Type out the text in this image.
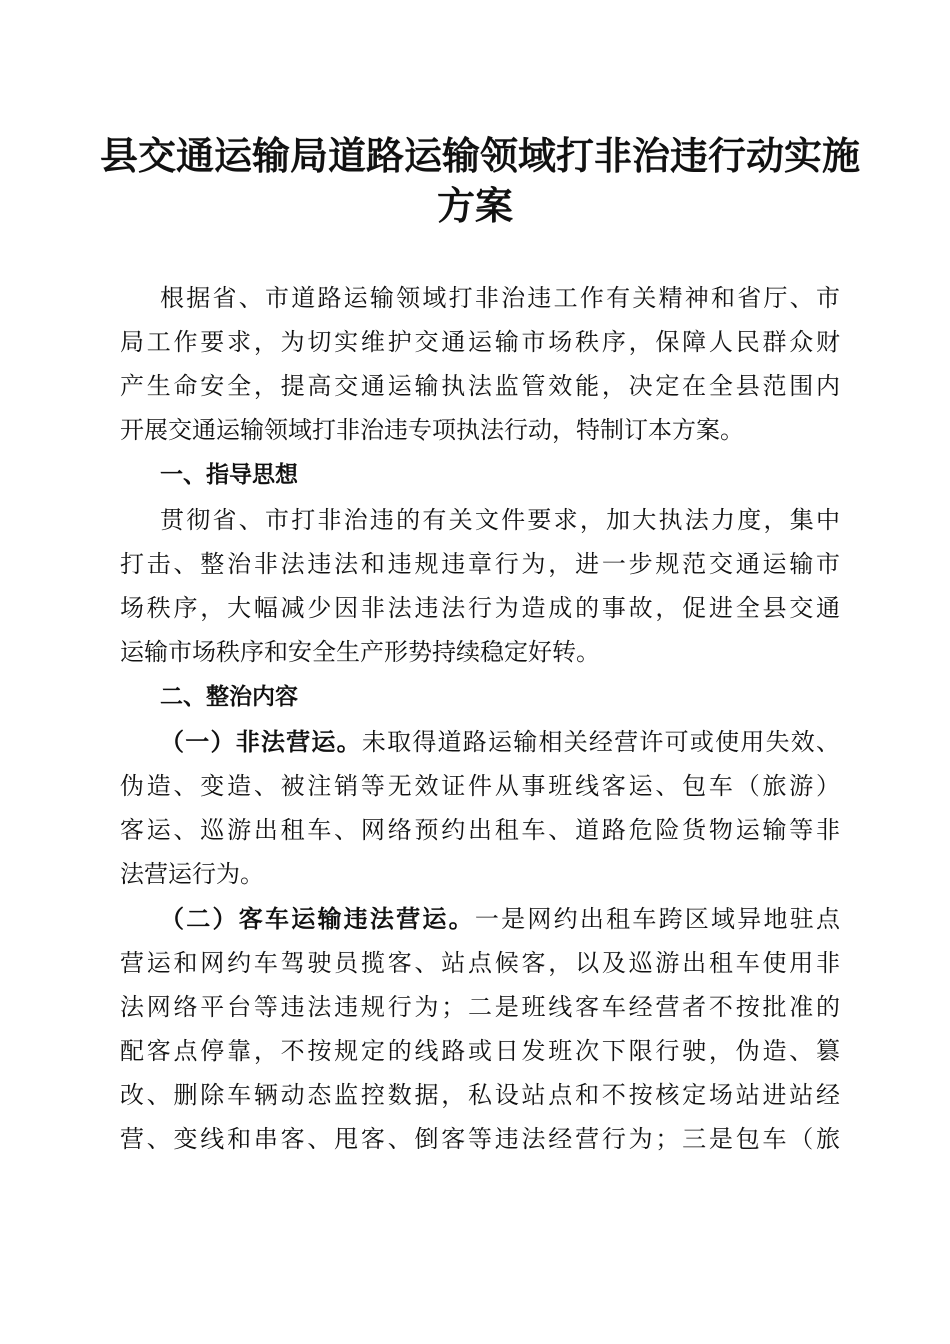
县交通运输局道路运输领域打非治违行动实施
方案
根据省、市道路运输领域打非治违工作有关精神和省厅、市
局工作要求，为切实维护交通运输市场秩序，保障人民群众财
产生命安全，提高交通运输执法监管效能，决定在全县范围内
开展交通运输领域打非治违专项执法行动，特制订本方案。
一、指导思想
贯彻省、市打非治违的有关文件要求，加大执法力度，集中
打击、整治非法违法和违规违章行为，进一步规范交通运输市
场秩序，大幅减少因非法违法行为造成的事故，促进全县交通
运输市场秩序和安全生产形势持续稳定好转。
二、整治内容
（一）非法营运。未取得道路运输相关经营许可或使用失效、
伪造、变造、被注销等无效证件从事班线客运、包车（旅游）
客运、巡游出租车、网络预约出租车、道路危险货物运输等非
法营运行为。
（二）客车运输违法营运。一是网约出租车跨区域异地驻点
营运和网约车驾驶员揽客、站点候客，以及巡游出租车使用非
法网络平台等违法违规行为；二是班线客车经营者不按批准的
配客点停靠，不按规定的线路或日发班次下限行驶，伪造、篡
改、删除车辆动态监控数据，私设站点和不按核定场站进站经
营、变线和串客、甩客、倒客等违法经营行为；三是包车（旅
